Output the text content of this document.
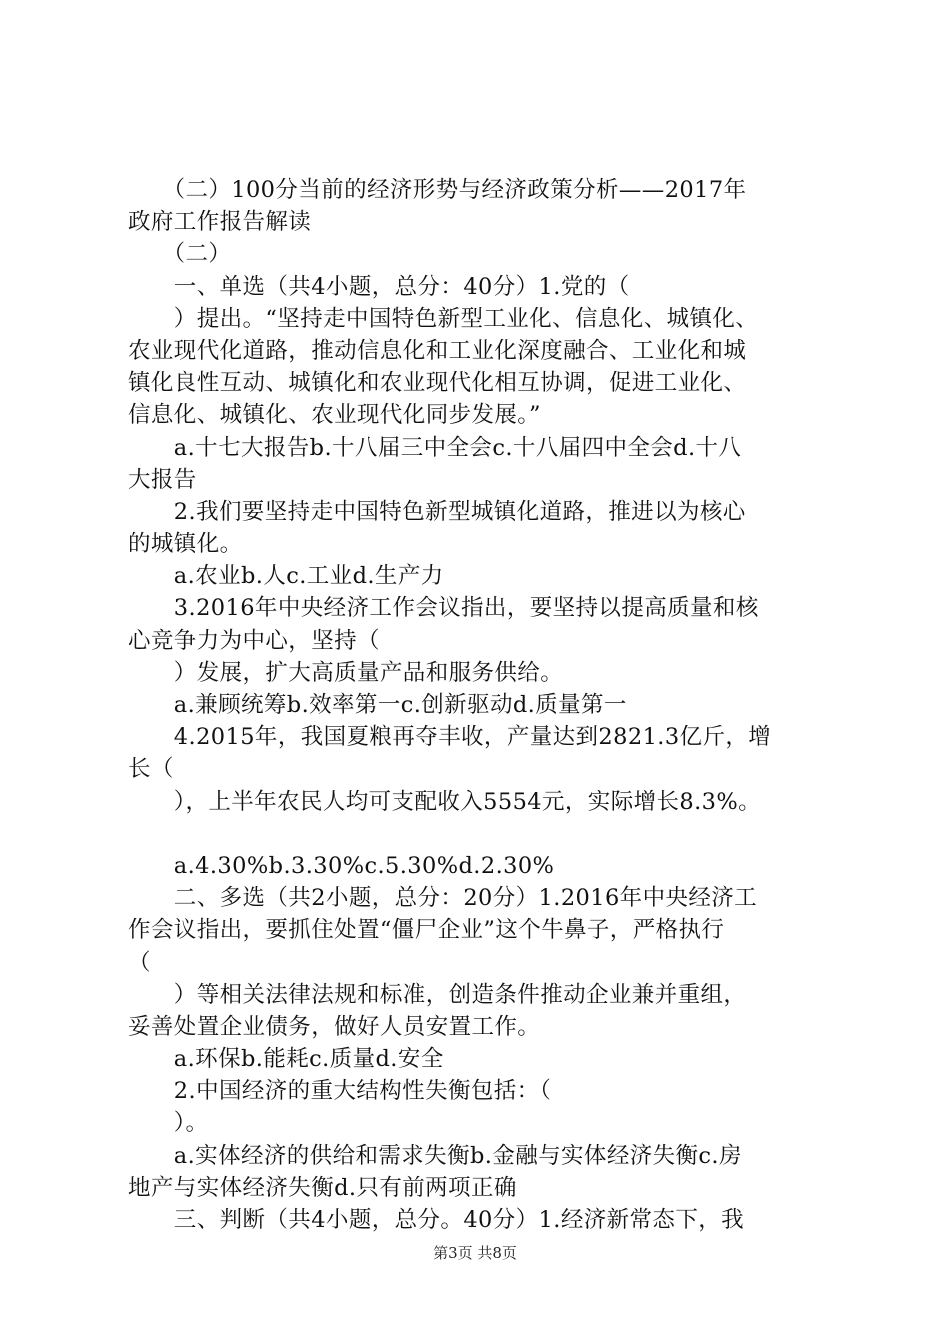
　　（二）100分当前的经济形势与经济政策分析——2017年
政府工作报告解读
　　（二）
　　一、单选（共4小题，总分：40分）1.党的（
　　）提出。“坚持走中国特色新型工业化、信息化、城镇化、
农业现代化道路，推动信息化和工业化深度融合、工业化和城
镇化良性互动、城镇化和农业现代化相互协调，促进工业化、
信息化、城镇化、农业现代化同步发展。”
　　a.十七大报告b.十八届三中全会c.十八届四中全会d.十八
大报告
　　2.我们要坚持走中国特色新型城镇化道路，推进以为核心
的城镇化。
　　a.农业b.人c.工业d.生产力
　　3.2016年中央经济工作会议指出，要坚持以提高质量和核
心竞争力为中心，坚持（
　　）发展，扩大高质量产品和服务供给。
　　a.兼顾统筹b.效率第一c.创新驱动d.质量第一
　　4.2015年，我国夏粮再夺丰收，产量达到2821.3亿斤，增
长（
　　），上半年农民人均可支配收入5554元，实际增长8.3%。
　　a.4.30%b.3.30%c.5.30%d.2.30%
　　二、多选（共2小题，总分：20分）1.2016年中央经济工
作会议指出，要抓住处置“僵尸企业”这个牛鼻子，严格执行
（
　　）等相关法律法规和标准，创造条件推动企业兼并重组，
妥善处置企业债务，做好人员安置工作。
　　a.环保b.能耗c.质量d.安全
　　2.中国经济的重大结构性失衡包括：（
　　）。
　　a.实体经济的供给和需求失衡b.金融与实体经济失衡c.房
地产与实体经济失衡d.只有前两项正确
　　三、判断（共4小题，总分。40分）1.经济新常态下，我
第3页 共8页
